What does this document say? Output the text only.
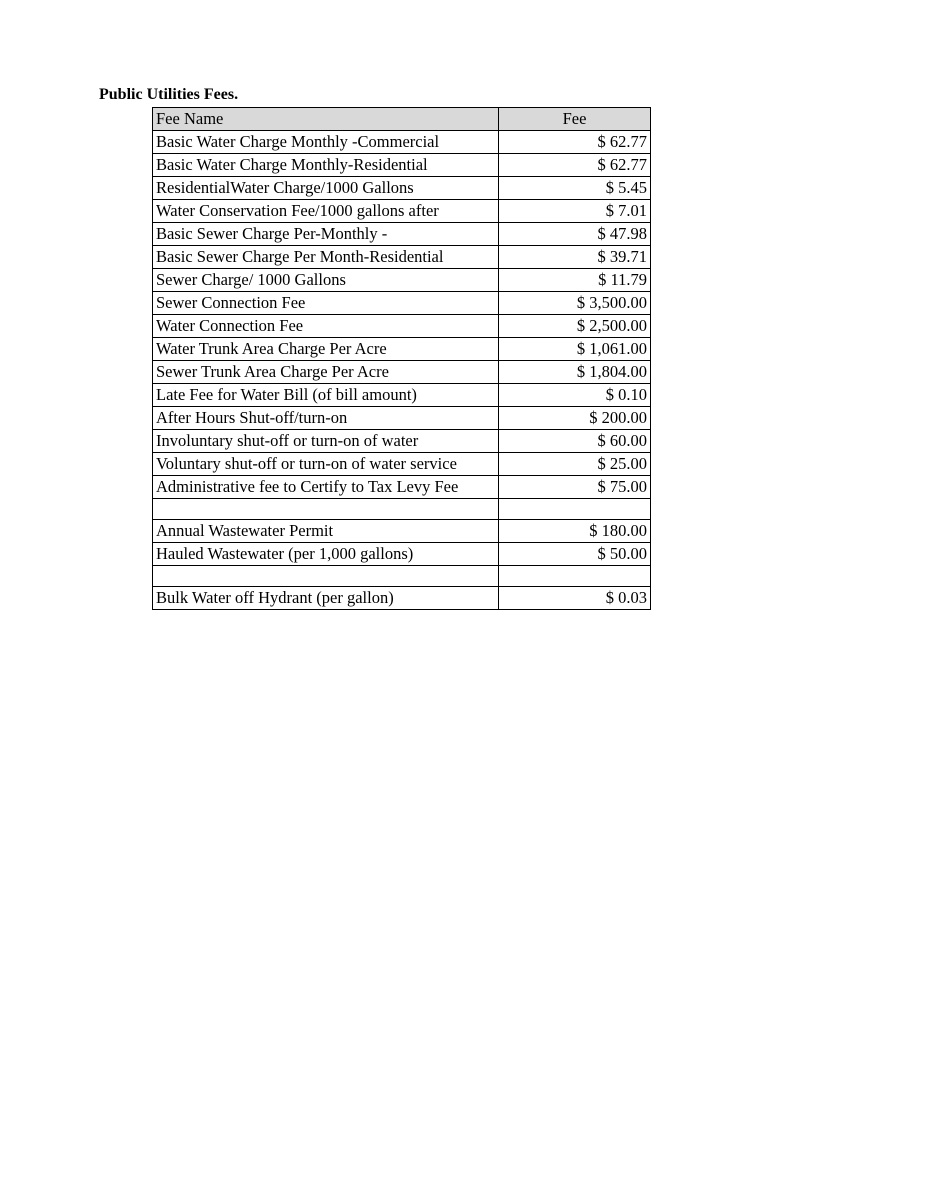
Public Utilities Fees.
Fee Name	Fee
Basic Water Charge Monthly -Commercial	$ 62.77
Basic Water Charge Monthly-Residential	$ 62.77
ResidentialWater Charge/1000 Gallons	$ 5.45
Water Conservation Fee/1000 gallons after	$ 7.01
Basic Sewer Charge Per-Monthly -	$ 47.98
Basic Sewer Charge Per Month-Residential	$ 39.71
Sewer Charge/ 1000 Gallons	$ 11.79
Sewer Connection Fee	$ 3,500.00
Water Connection Fee	$ 2,500.00
Water Trunk Area Charge Per Acre	$ 1,061.00
Sewer Trunk Area Charge Per Acre	$ 1,804.00
Late Fee for Water Bill (of bill amount)	$ 0.10
After Hours Shut-off/turn-on	$ 200.00
Involuntary shut-off or turn-on of water	$ 60.00
Voluntary shut-off or turn-on of water service	$ 25.00
Administrative fee to Certify to Tax Levy Fee	$ 75.00

Annual Wastewater Permit	$ 180.00
Hauled Wastewater (per 1,000 gallons)	$ 50.00

Bulk Water off Hydrant (per gallon)	$ 0.03
